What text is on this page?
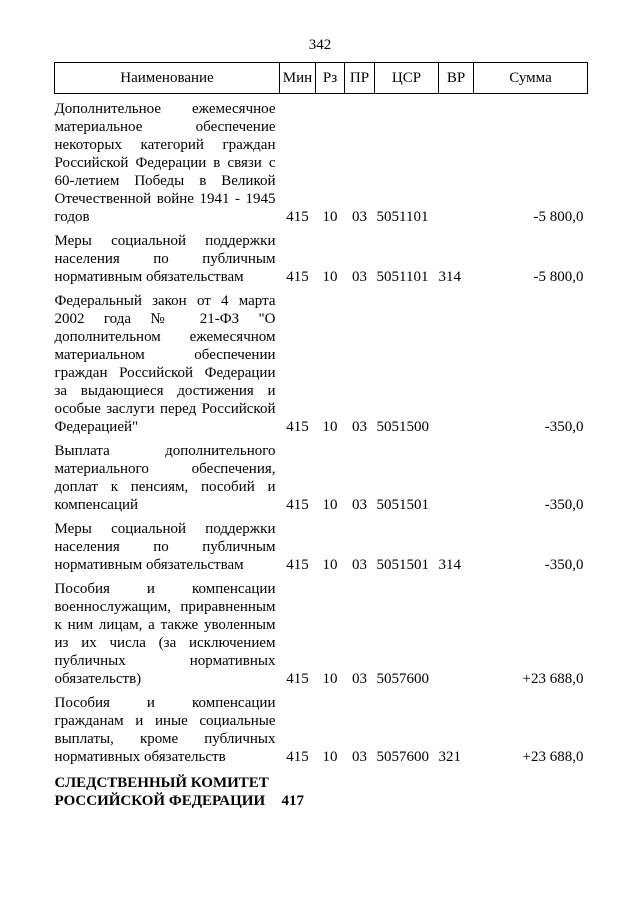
342
Наименование	Мин	Рз	ПР	ЦСР	ВР	Сумма
Дополнительное ежемесячное материальное обеспечение некоторых категорий граждан Российской Федерации в связи с 60-летием Победы в Великой Отечественной войне 1941 - 1945 годов	415	10	03	5051101		-5 800,0
Меры социальной поддержки населения по публичным нормативным обязательствам	415	10	03	5051101	314	-5 800,0
Федеральный закон от 4 марта 2002 года № 21-ФЗ "О дополнительном ежемесячном материальном обеспечении граждан Российской Федерации за выдающиеся достижения и особые заслуги перед Российской Федерацией"	415	10	03	5051500		-350,0
Выплата дополнительного материального обеспечения, доплат к пенсиям, пособий и компенсаций	415	10	03	5051501		-350,0
Меры социальной поддержки населения по публичным нормативным обязательствам	415	10	03	5051501	314	-350,0
Пособия и компенсации военнослужащим, приравненным к ним лицам, а также уволенным из их числа (за исключением публичных нормативных обязательств)	415	10	03	5057600		+23 688,0
Пособия и компенсации гражданам и иные социальные выплаты, кроме публичных нормативных обязательств	415	10	03	5057600	321	+23 688,0
СЛЕДСТВЕННЫЙ КОМИТЕТ РОССИЙСКОЙ ФЕДЕРАЦИИ	417					
